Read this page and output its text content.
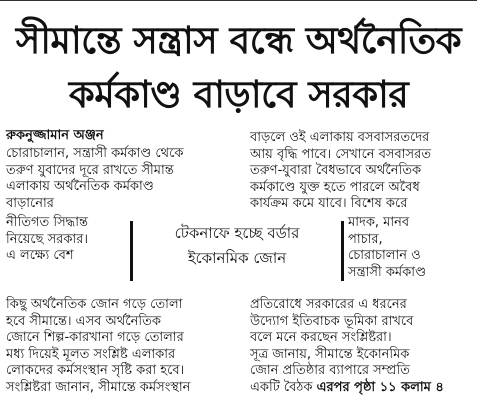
সীমান্তে সন্ত্রাস বন্ধে অর্থনৈতিক
কর্মকাণ্ড বাড়াবে সরকার
রুকনুজ্জামান অঞ্জন
চোরাচালান, সন্ত্রাসী কর্মকাণ্ড থেকে
তরুণ যুবাদের দূরে রাখতে সীমান্ত
এলাকায় অর্থনৈতিক কর্মকাণ্ড
বাড়ানোর
নীতিগত সিদ্ধান্ত
নিয়েছে সরকার।
এ লক্ষ্যে বেশ
টেকনাফে হচ্ছে বর্ডার
ইকোনমিক জোন
কিছু অর্থনৈতিক জোন গড়ে তোলা
হবে সীমান্তে। এসব অর্থনৈতিক
জোনে শিল্প-কারখানা গড়ে তোলার
মধ্য দিয়েই মূলত সংশ্লিষ্ট এলাকার
লোকদের কর্মসংস্থান সৃষ্টি করা হবে।
সংশ্লিষ্টরা জানান, সীমান্তে কর্মসংস্থান
বাড়লে ওই এলাকায় বসবাসরতদের
আয় বৃদ্ধি পাবে। সেখানে বসবাসরত
তরুণ-যুবারা বৈধভাবে অর্থনৈতিক
কর্মকাণ্ডে যুক্ত হতে পারলে অবৈধ
কার্যক্রম কমে যাবে। বিশেষ করে
মাদক, মানব
পাচার,
চোরাচালান ও
সন্ত্রাসী কর্মকাণ্ড
প্রতিরোধে সরকারের এ ধরনের
উদ্যোগ ইতিবাচক ভূমিকা রাখবে
বলে মনে করছেন সংশ্লিষ্টরা।
সূত্র জানায়, সীমান্তে ইকোনমিক
জোন প্রতিষ্ঠার ব্যাপারে সম্প্রতি
একটি বৈঠক এরপর পৃষ্ঠা ১১ কলাম ৪
